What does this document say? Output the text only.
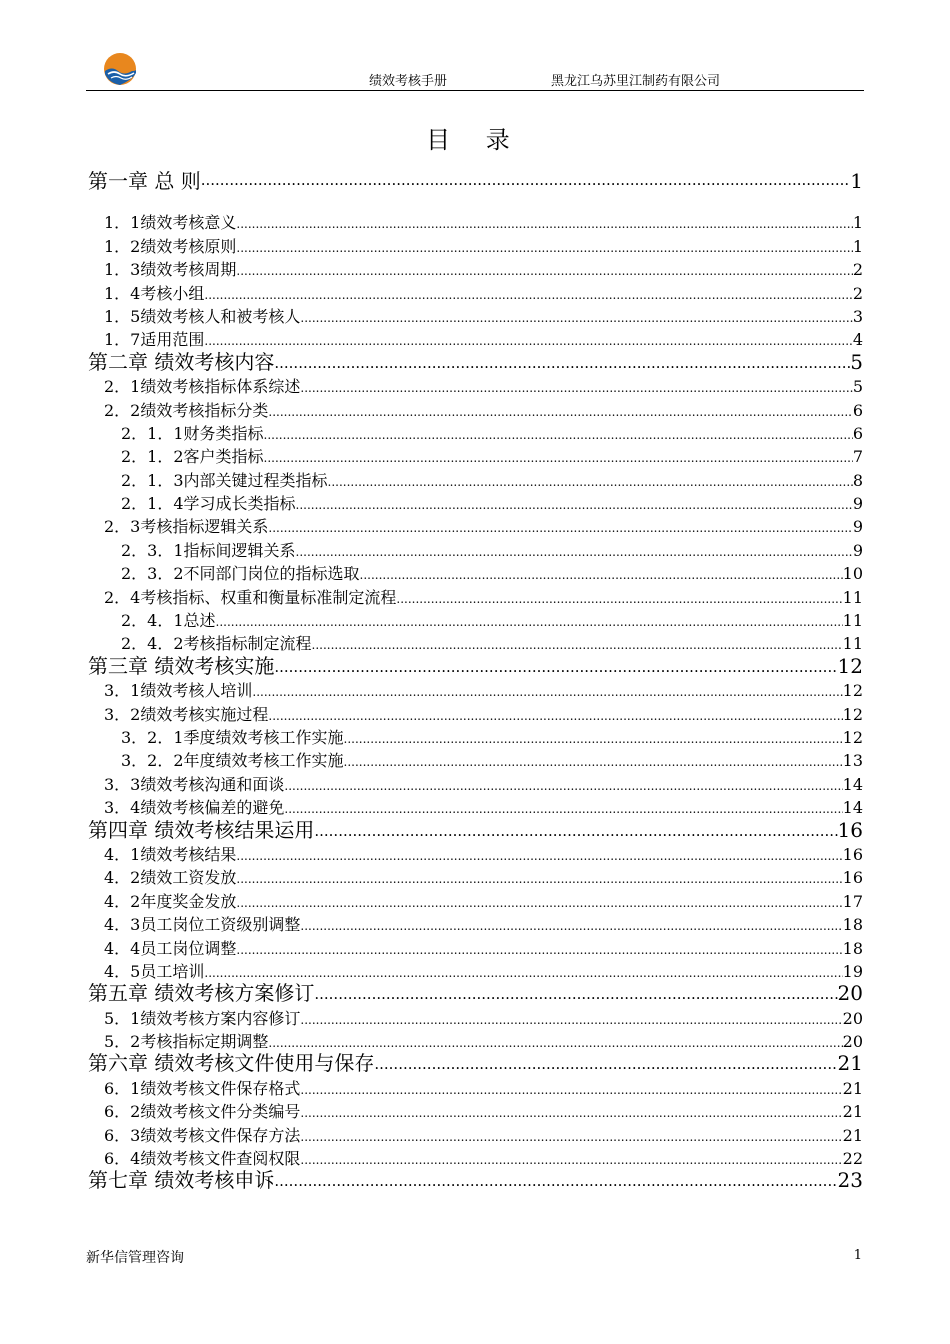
绩效考核手册	黑龙江乌苏里江制药有限公司
目 录
第一章 总 则 .....	1
1．1绩效考核意义 .....	1
1．2绩效考核原则 .....	1
1．3绩效考核周期 .....	2
1．4考核小组 .....	2
1．5绩效考核人和被考核人 .....	3
1．7适用范围 .....	4
第二章 绩效考核内容 .....	5
2．1绩效考核指标体系综述 .....	5
2．2绩效考核指标分类 .....	6
2．1．1财务类指标 .....	6
2．1．2客户类指标 .....	7
2．1．3内部关键过程类指标 .....	8
2．1．4学习成长类指标 .....	9
2．3考核指标逻辑关系 .....	9
2．3．1指标间逻辑关系 .....	9
2．3．2不同部门岗位的指标选取 .....	10
2．4考核指标、权重和衡量标准制定流程 .....	11
2．4．1总述 .....	11
2．4．2考核指标制定流程 .....	11
第三章 绩效考核实施 .....	12
3．1绩效考核人培训 .....	12
3．2绩效考核实施过程 .....	12
3．2．1季度绩效考核工作实施 .....	12
3．2．2年度绩效考核工作实施 .....	13
3．3绩效考核沟通和面谈 .....	14
3．4绩效考核偏差的避免 .....	14
第四章 绩效考核结果运用 .....	16
4．1绩效考核结果 .....	16
4．2绩效工资发放 .....	16
4．2年度奖金发放 .....	17
4．3员工岗位工资级别调整 .....	18
4．4员工岗位调整 .....	18
4．5员工培训 .....	19
第五章 绩效考核方案修订 .....	20
5．1绩效考核方案内容修订 .....	20
5．2考核指标定期调整 .....	20
第六章 绩效考核文件使用与保存 .....	21
6．1绩效考核文件保存格式 .....	21
6．2绩效考核文件分类编号 .....	21
6．3绩效考核文件保存方法 .....	21
6．4绩效考核文件查阅权限 .....	22
第七章 绩效考核申诉 .....	23
新华信管理咨询	1
